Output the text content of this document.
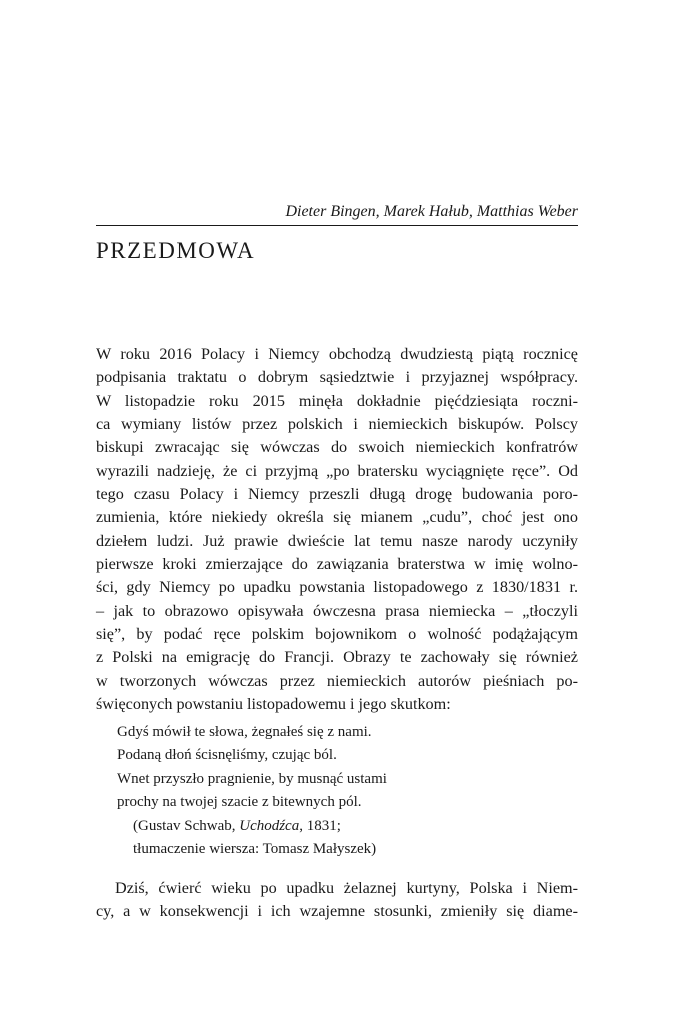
Dieter Bingen, Marek Hałub, Matthias Weber
PRZEDMOWA
W roku 2016 Polacy i Niemcy obchodzą dwudziestą piątą rocznicę
podpisania traktatu o dobrym sąsiedztwie i przyjaznej współpracy.
W listopadzie roku 2015 minęła dokładnie pięćdziesiąta roczni-
ca wymiany listów przez polskich i niemieckich biskupów. Polscy
biskupi zwracając się wówczas do swoich niemieckich konfratrów
wyrazili nadzieję, że ci przyjmą „po bratersku wyciągnięte ręce”. Od
tego czasu Polacy i Niemcy przeszli długą drogę budowania poro-
zumienia, które niekiedy określa się mianem „cudu”, choć jest ono
dziełem ludzi. Już prawie dwieście lat temu nasze narody uczyniły
pierwsze kroki zmierzające do zawiązania braterstwa w imię wolno-
ści, gdy Niemcy po upadku powstania listopadowego z 1830/1831 r.
– jak to obrazowo opisywała ówczesna prasa niemiecka – „tłoczyli
się”, by podać ręce polskim bojownikom o wolność podążającym
z Polski na emigrację do Francji. Obrazy te zachowały się również
w tworzonych wówczas przez niemieckich autorów pieśniach po-
święconych powstaniu listopadowemu i jego skutkom:
Gdyś mówił te słowa, żegnałeś się z nami.
Podaną dłoń ścisnęliśmy, czując ból.
Wnet przyszło pragnienie, by musnąć ustami
prochy na twojej szacie z bitewnych pól.
(Gustav Schwab, Uchodźca, 1831;
tłumaczenie wiersza: Tomasz Małyszek)
Dziś, ćwierć wieku po upadku żelaznej kurtyny, Polska i Niem-
cy, a w konsekwencji i ich wzajemne stosunki, zmieniły się diame-
